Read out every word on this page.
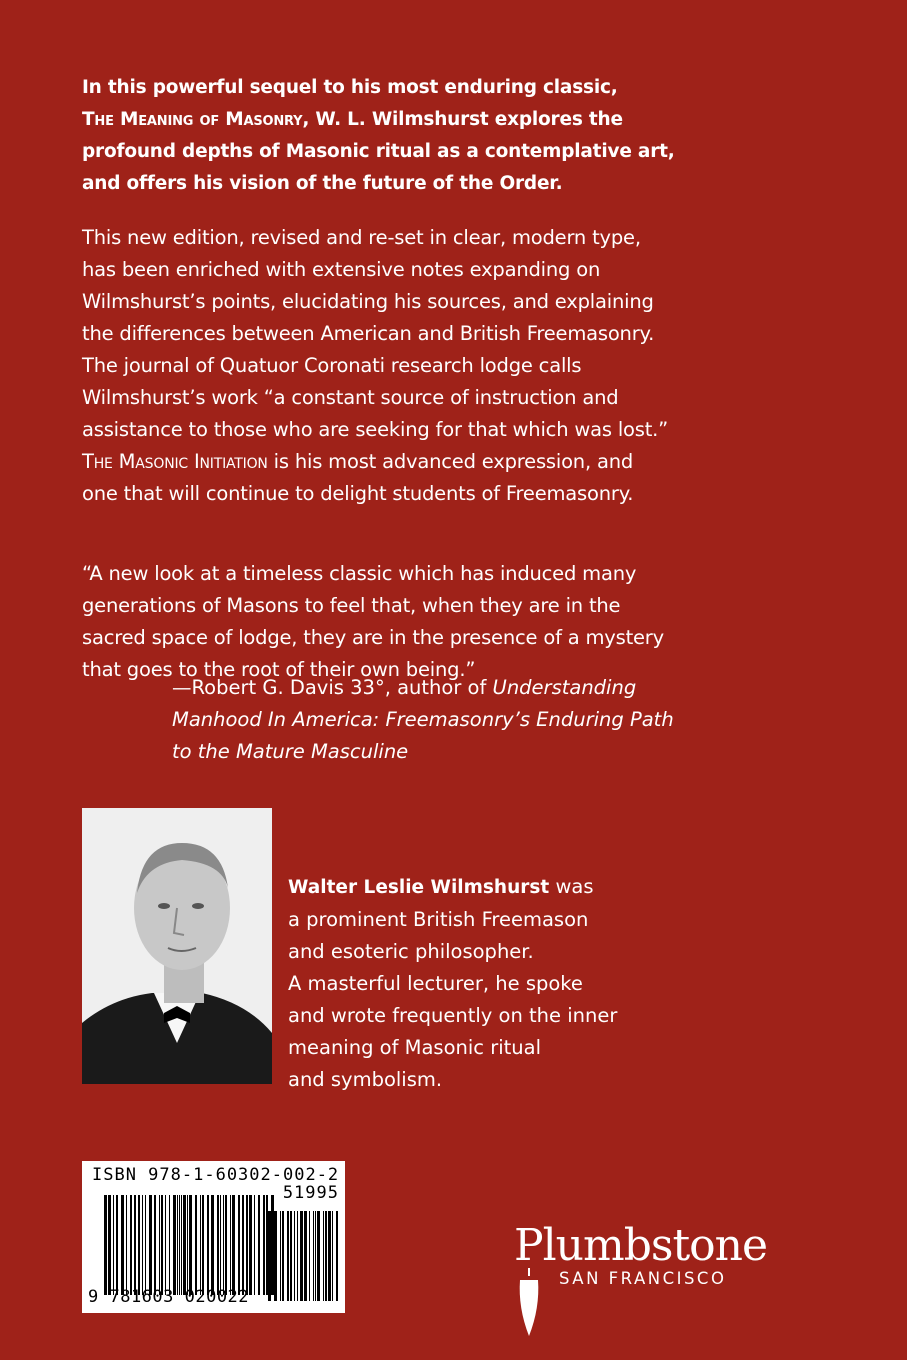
In this powerful sequel to his most enduring classic,
The Meaning of Masonry, W. L. Wilmshurst explores the
profound depths of Masonic ritual as a contemplative art,
and offers his vision of the future of the Order.
This new edition, revised and re-set in clear, modern type,
has been enriched with extensive notes expanding on
Wilmshurst’s points, elucidating his sources, and explaining
the differences between American and British Freemasonry.
The journal of Quatuor Coronati research lodge calls
Wilmshurst’s work “a constant source of instruction and
assistance to those who are seeking for that which was lost.”
The Masonic Initiation is his most advanced expression, and
one that will continue to delight students of Freemasonry.
“A new look at a timeless classic which has induced many
generations of Masons to feel that, when they are in the
sacred space of lodge, they are in the presence of a mystery
that goes to the root of their own being.”
—Robert G. Davis 33°, author of Understanding
Manhood In America: Freemasonry’s Enduring Path
to the Mature Masculine
Walter Leslie Wilmshurst was
a prominent British Freemason
and esoteric philosopher.
A masterful lecturer, he spoke
and wrote frequently on the inner
meaning of Masonic ritual
and symbolism.
ISBN 978-1-60302-002-2
51995
9 781603 020022
Plumbstone
SAN FRANCISCO
